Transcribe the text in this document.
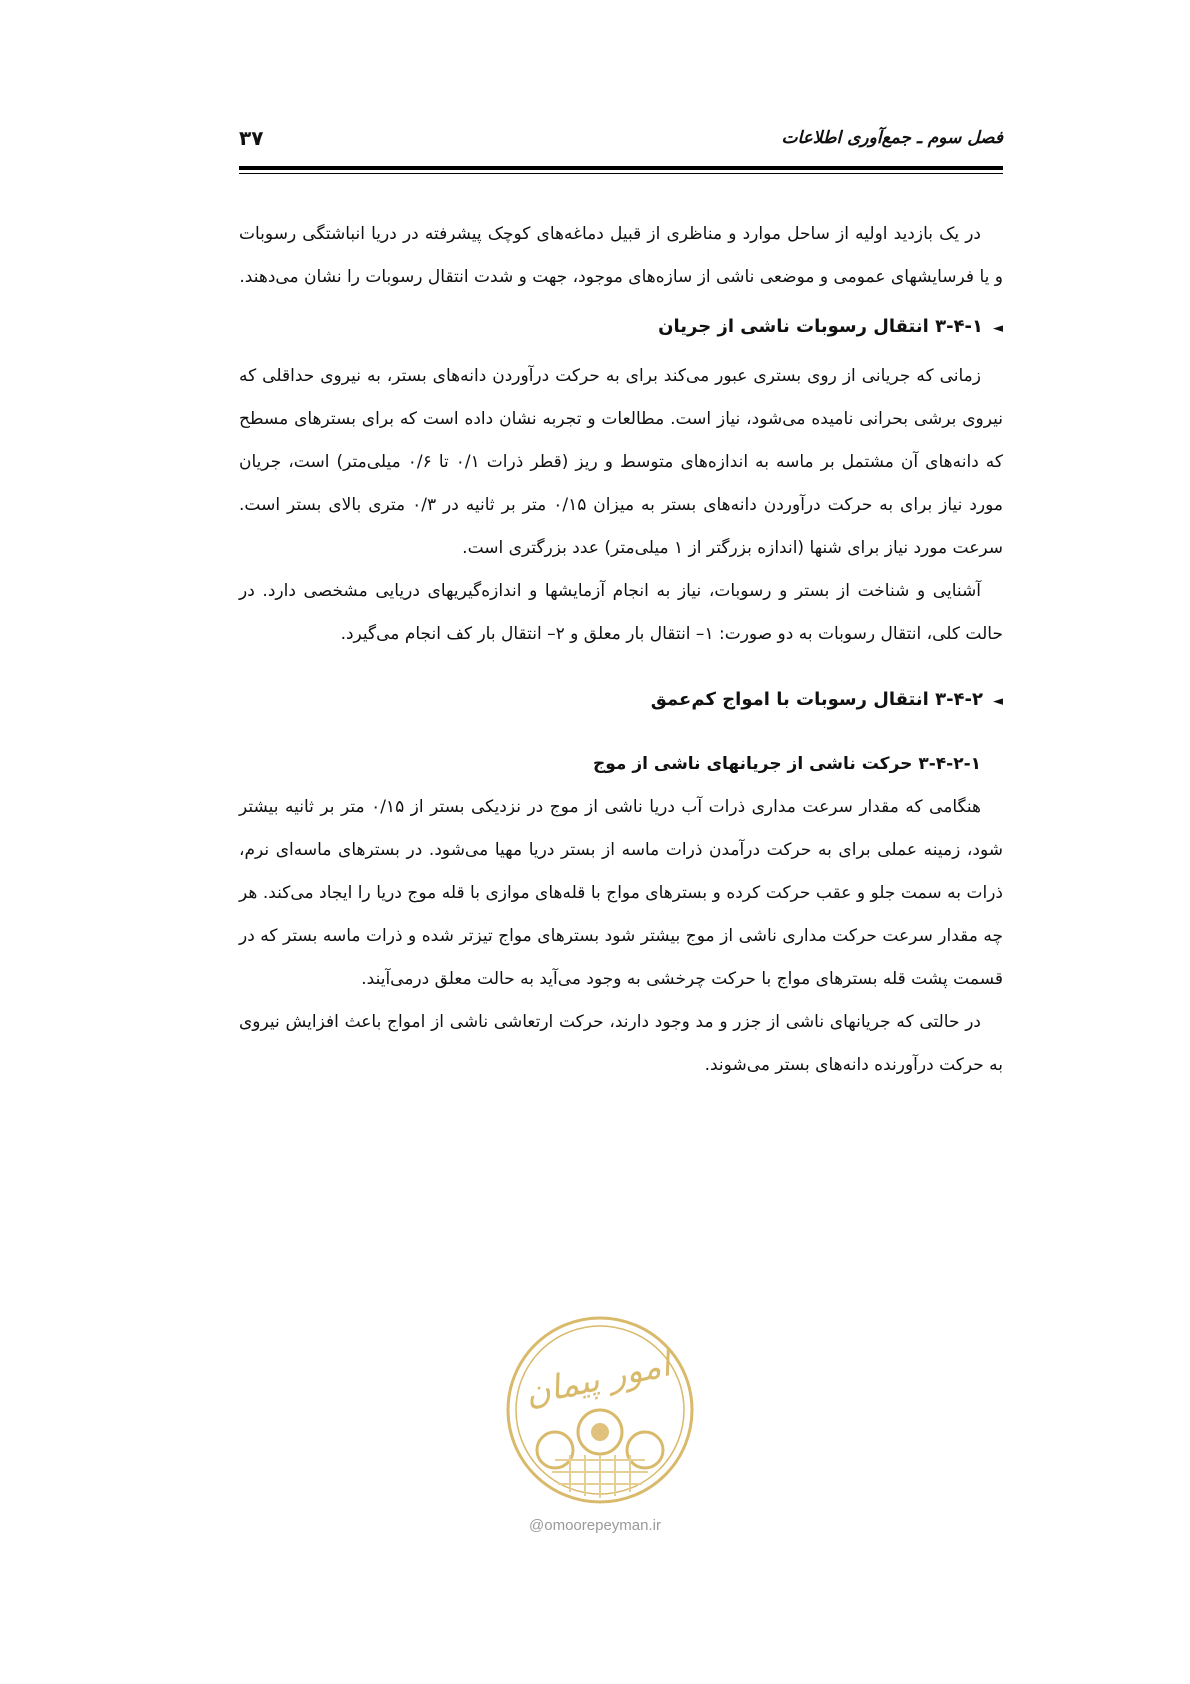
فصل سوم ـ جمع‌آوری اطلاعات
۳۷

در یک بازدید اولیه از ساحل موارد و مناظری از قبیل دماغه‌های کوچک پیشرفته در دریا انباشتگی رسوبات و یا فرسایشهای عمومی و موضعی ناشی از سازه‌های موجود، جهت و شدت انتقال رسوبات را نشان می‌دهند.

◄۳-۴-۱ انتقال رسوبات ناشی از جریان

زمانی که جریانی از روی بستری عبور می‌کند برای به حرکت درآوردن دانه‌های بستر، به نیروی حداقلی که نیروی برشی بحرانی نامیده می‌شود، نیاز است. مطالعات و تجربه نشان داده است که برای بسترهای مسطح که دانه‌های آن مشتمل بر ماسه به اندازه‌های متوسط و ریز (قطر ذرات ۰/۱ تا ۰/۶ میلی‌متر) است، جریان مورد نیاز برای به حرکت درآوردن دانه‌های بستر به میزان ۰/۱۵ متر بر ثانیه در ۰/۳ متری بالای بستر است. سرعت مورد نیاز برای شنها (اندازه بزرگتر از ۱ میلی‌متر) عدد بزرگتری است.

آشنایی و شناخت از بستر و رسوبات، نیاز به انجام آزمایشها و اندازه‌گیریهای دریایی مشخصی دارد. در حالت کلی، انتقال رسوبات به دو صورت: ۱– انتقال بار معلق و ۲– انتقال بار کف انجام می‌گیرد.

◄۳-۴-۲ انتقال رسوبات با امواج کم‌عمق
۳-۴-۲-۱ حرکت ناشی از جریانهای ناشی از موج

هنگامی که مقدار سرعت مداری ذرات آب دریا ناشی از موج در نزدیکی بستر از ۰/۱۵ متر بر ثانیه بیشتر شود، زمینه عملی برای به حرکت درآمدن ذرات ماسه از بستر دریا مهیا می‌شود. در بسترهای ماسه‌ای نرم، ذرات به سمت جلو و عقب حرکت کرده و بسترهای مواج با قله‌های موازی با قله موج دریا را ایجاد می‌کند. هر چه مقدار سرعت حرکت مداری ناشی از موج بیشتر شود بسترهای مواج تیزتر شده و ذرات ماسه بستر که در قسمت پشت قله بسترهای مواج با حرکت چرخشی به وجود می‌آید به حالت معلق درمی‌آیند.

در حالتی که جریانهای ناشی از جزر و مد وجود دارند، حرکت ارتعاشی ناشی از امواج باعث افزایش نیروی به حرکت درآورنده دانه‌های بستر می‌شوند.

امور پیمان
@omoorepeyman.ir
